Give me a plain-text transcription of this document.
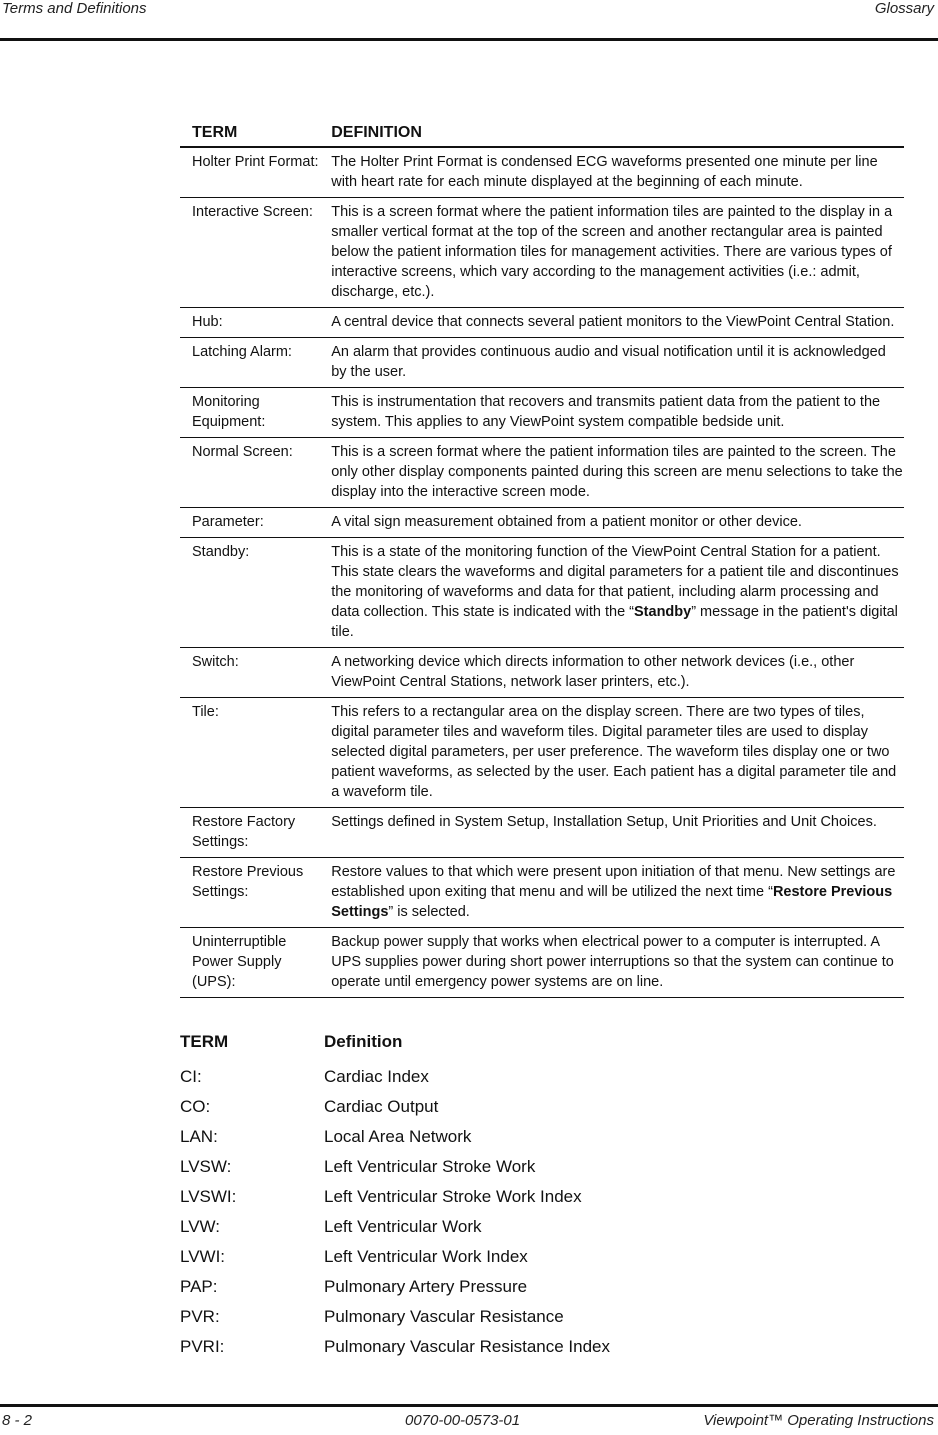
Terms and Definitions	Glossary
TERM	DEFINITION
Holter Print Format:	The Holter Print Format is condensed ECG waveforms presented one minute per line with heart rate for each minute displayed at the beginning of each minute.
Interactive Screen:	This is a screen format where the patient information tiles are painted to the display in a smaller vertical format at the top of the screen and another rectangular area is painted below the patient information tiles for management activities. There are various types of interactive screens, which vary according to the management activities (i.e.: admit, discharge, etc.).
Hub:	A central device that connects several patient monitors to the ViewPoint Central Station.
Latching Alarm:	An alarm that provides continuous audio and visual notification until it is acknowledged by the user.
Monitoring Equipment:	This is instrumentation that recovers and transmits patient data from the patient to the system. This applies to any ViewPoint system compatible bedside unit.
Normal Screen:	This is a screen format where the patient information tiles are painted to the screen. The only other display components painted during this screen are menu selections to take the display into the interactive screen mode.
Parameter:	A vital sign measurement obtained from a patient monitor or other device.
Standby:	This is a state of the monitoring function of the ViewPoint Central Station for a patient. This state clears the waveforms and digital parameters for a patient tile and discontinues the monitoring of waveforms and data for that patient, including alarm processing and data collection. This state is indicated with the “Standby” message in the patient's digital tile.
Switch:	A networking device which directs information to other network devices (i.e., other ViewPoint Central Stations, network laser printers, etc.).
Tile:	This refers to a rectangular area on the display screen. There are two types of tiles, digital parameter tiles and waveform tiles. Digital parameter tiles are used to display selected digital parameters, per user preference. The waveform tiles display one or two patient waveforms, as selected by the user. Each patient has a digital parameter tile and a waveform tile.
Restore Factory Settings:	Settings defined in System Setup, Installation Setup, Unit Priorities and Unit Choices.
Restore Previous Settings:	Restore values to that which were present upon initiation of that menu. New settings are established upon exiting that menu and will be utilized the next time “Restore Previous Settings” is selected.
Uninterruptible Power Supply (UPS):	Backup power supply that works when electrical power to a computer is interrupted. A UPS supplies power during short power interruptions so that the system can continue to operate until emergency power systems are on line.
TERM	Definition
CI:	Cardiac Index
CO:	Cardiac Output
LAN:	Local Area Network
LVSW:	Left Ventricular Stroke Work
LVSWI:	Left Ventricular Stroke Work Index
LVW:	Left Ventricular Work
LVWI:	Left Ventricular Work Index
PAP:	Pulmonary Artery Pressure
PVR:	Pulmonary Vascular Resistance
PVRI:	Pulmonary Vascular Resistance Index
8 - 2	0070-00-0573-01	Viewpoint™ Operating Instructions
